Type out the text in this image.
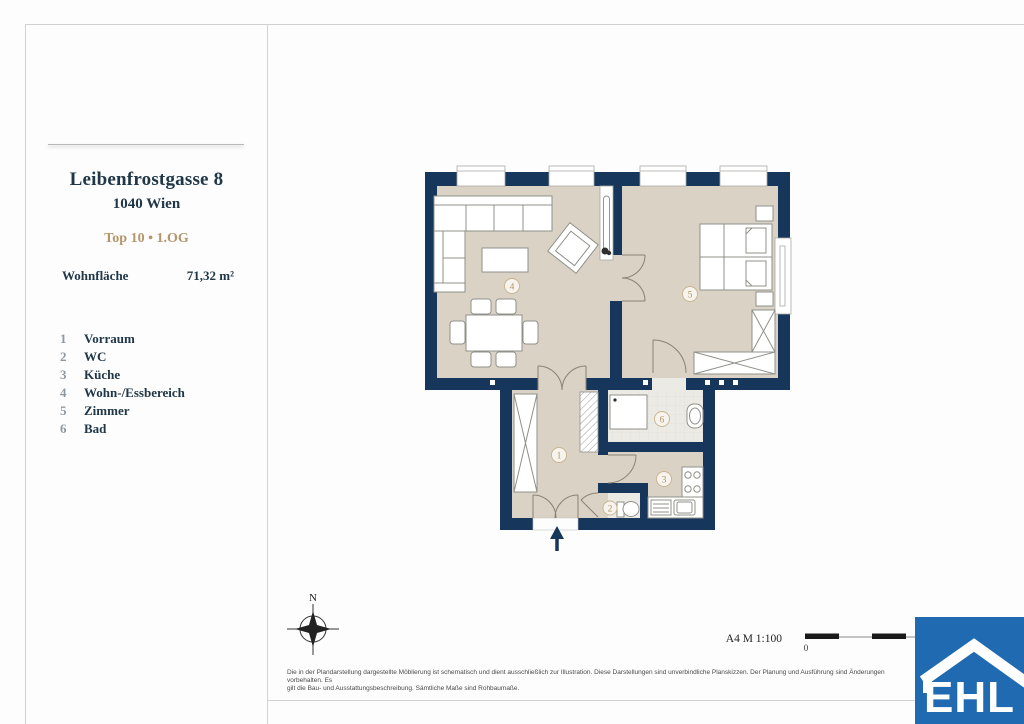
Leibenfrostgasse 8
1040 Wien
Top 10 • 1.OG
Wohnfläche	71,32 m²
1	Vorraum
2	WC
3	Küche
4	Wohn-/Essbereich
5	Zimmer
6	Bad
1
2
3
4
5
6
N
A4 M 1:100
0
Die in der Plandarstellung dargestellte Möblierung ist schematisch und dient ausschließlich zur Illustration. Diese Darstellungen sind unverbindliche Planskizzen. Der Planung und Ausführung sind Änderungen vorbehalten. Es
gilt die Bau- und Ausstattungsbeschreibung. Sämtliche Maße sind Rohbaumaße.	EHL
